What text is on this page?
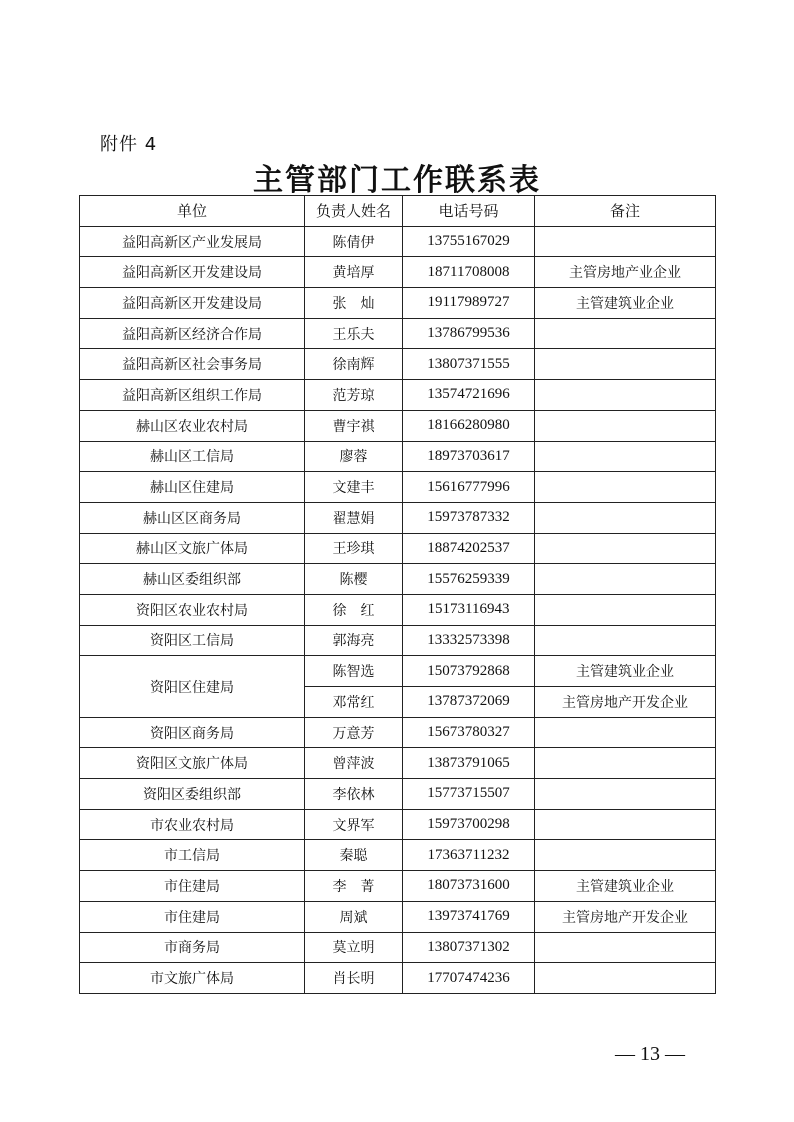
附件 4
主管部门工作联系表
单位	负责人姓名	电话号码	备注
益阳高新区产业发展局	陈倩伊	13755167029	
益阳高新区开发建设局	黄培厚	18711708008	主管房地产业企业
益阳高新区开发建设局	张　灿	19117989727	主管建筑业企业
益阳高新区经济合作局	王乐夫	13786799536	
益阳高新区社会事务局	徐南辉	13807371555	
益阳高新区组织工作局	范芳琼	13574721696	
赫山区农业农村局	曹宇祺	18166280980	
赫山区工信局	廖蓉	18973703617	
赫山区住建局	文建丰	15616777996	
赫山区区商务局	翟慧娟	15973787332	
赫山区文旅广体局	王珍琪	18874202537	
赫山区委组织部	陈樱	15576259339	
资阳区农业农村局	徐　红	15173116943	
资阳区工信局	郭海亮	13332573398	
资阳区住建局	陈智选	15073792868	主管建筑业企业
	邓常红	13787372069	主管房地产开发企业
资阳区商务局	万意芳	15673780327	
资阳区文旅广体局	曾萍波	13873791065	
资阳区委组织部	李依林	15773715507	
市农业农村局	文界军	15973700298	
市工信局	秦聪	17363711232	
市住建局	李　菁	18073731600	主管建筑业企业
市住建局	周斌	13973741769	主管房地产开发企业
市商务局	莫立明	13807371302	
市文旅广体局	肖长明	17707474236	
— 13 —
